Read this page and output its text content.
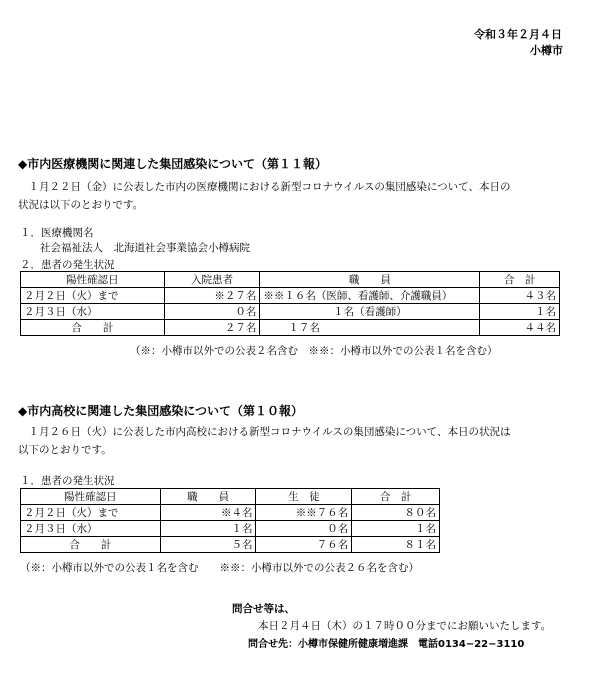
令和３年２月４日
小樽市
◆市内医療機関に関連した集団感染について（第１１報）
　１月２２日（金）に公表した市内の医療機関における新型コロナウイルスの集団感染について、本日の
状況は以下のとおりです。
１．医療機関名
社会福祉法人　北海道社会事業協会小樽病院
２．患者の発生状況
陽性確認日	入院患者	職　　員	合　計
２月２日（火）まで	※２７名	※※１６名（医師、看護師、介護職員）	４３名
２月３日（水）	０名	１名（看護師）	１名
合　　計	２７名	１７名	４４名
（※：小樽市以外での公表２名含む　※※：小樽市以外での公表１名を含む）
◆市内高校に関連した集団感染について（第１０報）
　１月２６日（火）に公表した市内高校における新型コロナウイルスの集団感染について、本日の状況は
以下のとおりです。
１．患者の発生状況
陽性確認日	職　　員	生　徒	合　計
２月２日（火）まで	※４名	※※７６名	８０名
２月３日（水）	１名	０名	１名
合　　計	５名	７６名	８１名
（※：小樽市以外での公表１名を含む　　※※：小樽市以外での公表２６名を含む）
問合せ等は、
本日２月４日（木）の１７時００分までにお願いいたします。
問合せ先：小樽市保健所健康増進課　電話0134−22−3110
